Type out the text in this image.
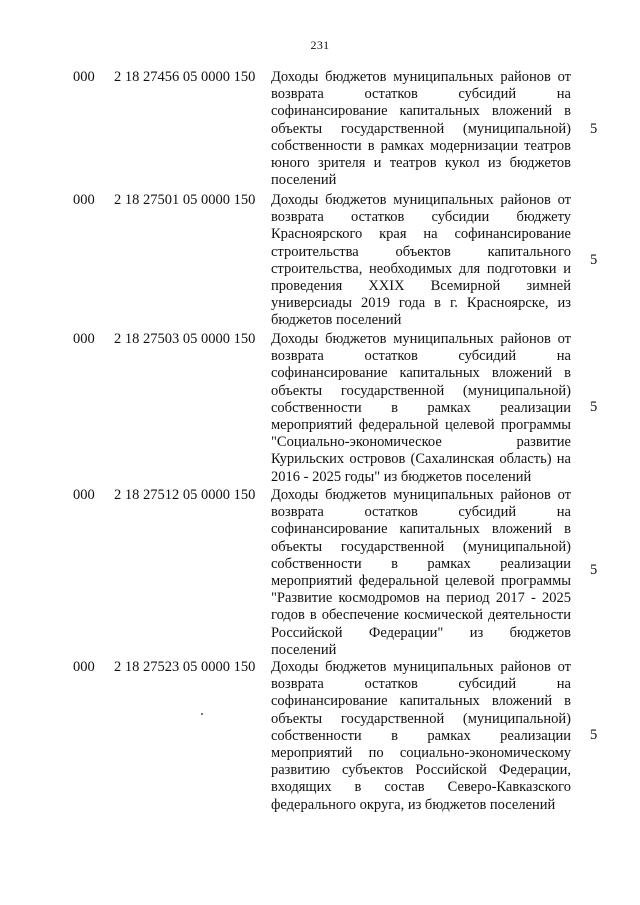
231
000 2 18 27456 05 0000 150 Доходы бюджетов муниципальных районов от возврата остатков субсидий на софинансирование капитальных вложений в объекты государственной (муниципальной) собственности в рамках модернизации театров юного зрителя и театров кукол из бюджетов поселений
5
000 2 18 27501 05 0000 150 Доходы бюджетов муниципальных районов от возврата остатков субсидии бюджету Красноярского края на софинансирование строительства объектов капитального строительства, необходимых для подготовки и проведения XXIX Всемирной зимней универсиады 2019 года в г. Красноярске, из бюджетов поселений
5
000 2 18 27503 05 0000 150 Доходы бюджетов муниципальных районов от возврата остатков субсидий на софинансирование капитальных вложений в объекты государственной (муниципальной) собственности в рамках реализации мероприятий федеральной целевой программы "Социально-экономическое развитие Курильских островов (Сахалинская область) на 2016 - 2025 годы" из бюджетов поселений
5
000 2 18 27512 05 0000 150 Доходы бюджетов муниципальных районов от возврата остатков субсидий на софинансирование капитальных вложений в объекты государственной (муниципальной) собственности в рамках реализации мероприятий федеральной целевой программы "Развитие космодромов на период 2017 - 2025 годов в обеспечение космической деятельности Российской Федерации" из бюджетов поселений
5
000 2 18 27523 05 0000 150 Доходы бюджетов муниципальных районов от возврата остатков субсидий на софинансирование капитальных вложений в объекты государственной (муниципальной) собственности в рамках реализации мероприятий по социально-экономическому развитию субъектов Российской Федерации, входящих в состав Северо-Кавказского федерального округа, из бюджетов поселений
5
